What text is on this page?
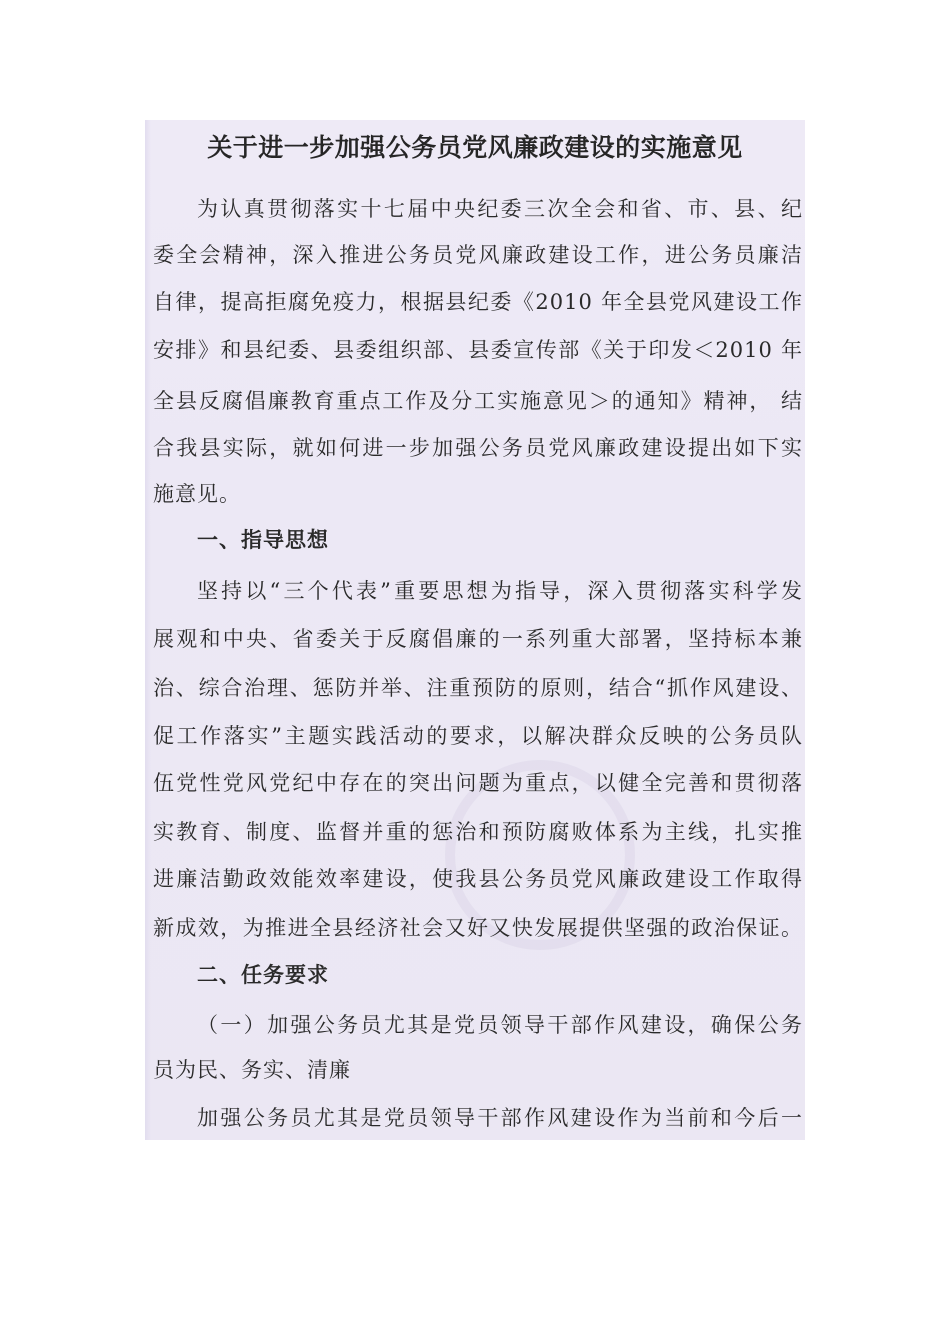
关于进一步加强公务员党风廉政建设的实施意见
为认真贯彻落实十七届中央纪委三次全会和省、市、县、纪
委全会精神，深入推进公务员党风廉政建设工作，进公务员廉洁
自律，提高拒腐免疫力，根据县纪委《2010 年全县党风建设工作
安排》和县纪委、县委组织部、县委宣传部《关于印发＜2010 年
全县反腐倡廉教育重点工作及分工实施意见＞的通知》精神， 结
合我县实际，就如何进一步加强公务员党风廉政建设提出如下实
施意见。
一、指导思想
坚持以“三个代表”重要思想为指导，深入贯彻落实科学发
展观和中央、省委关于反腐倡廉的一系列重大部署，坚持标本兼
治、综合治理、惩防并举、注重预防的原则，结合“抓作风建设、
促工作落实”主题实践活动的要求，以解决群众反映的公务员队
伍党性党风党纪中存在的突出问题为重点，以健全完善和贯彻落
实教育、制度、监督并重的惩治和预防腐败体系为主线，扎实推
进廉洁勤政效能效率建设，使我县公务员党风廉政建设工作取得
新成效，为推进全县经济社会又好又快发展提供坚强的政治保证。
二、任务要求
（一）加强公务员尤其是党员领导干部作风建设，确保公务
员为民、务实、清廉
加强公务员尤其是党员领导干部作风建设作为当前和今后一
